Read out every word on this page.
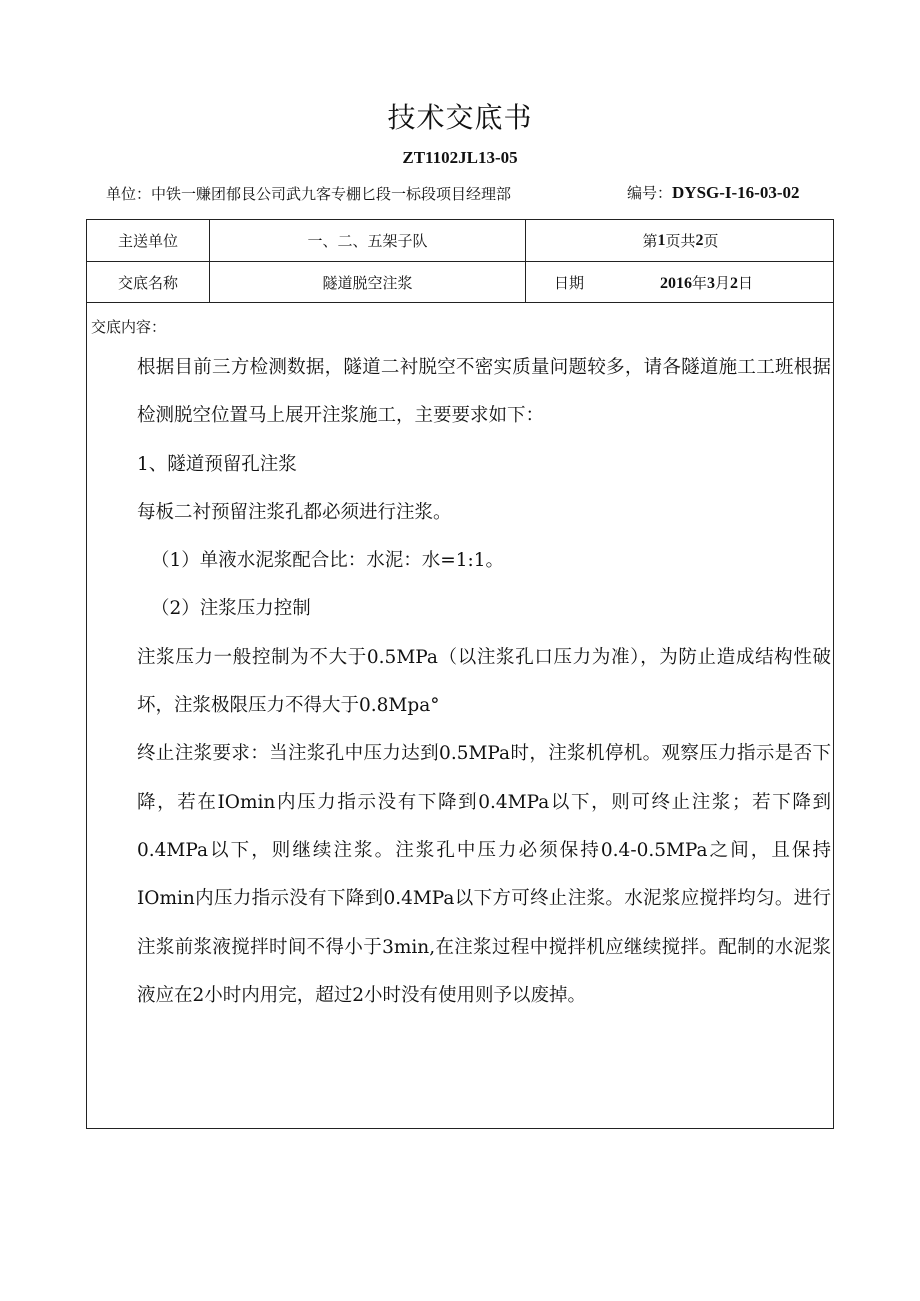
技术交底书
ZT1102JL13-05
单位：中铁一赚团郁艮公司武九客专棚匕段一标段项目经理部	编号：DYSG-I-16-03-02
主送单位	一、二、五架子队	第 1 页共 2 页
交底名称	隧道脱空注浆	日期	2016年3月2日
交底内容：

根据目前三方检测数据，隧道二衬脱空不密实质量问题较多，请各隧道施工工班根据检测脱空位置马上展开注浆施工，主要要求如下：

1、隧道预留孔注浆

每板二衬预留注浆孔都必须进行注浆。

（1）单液水泥浆配合比：水泥：水=1:1。

（2）注浆压力控制

注浆压力一般控制为不大于0.5MPa（以注浆孔口压力为准），为防止造成结构性破坏，注浆极限压力不得大于0.8Mpa°

终止注浆要求：当注浆孔中压力达到0.5MPa时，注浆机停机。观察压力指示是否下降，若在IOmin内压力指示没有下降到0.4MPa以下，则可终止注浆；若下降到0.4MPa以下，则继续注浆。注浆孔中压力必须保持0.4-0.5MPa之间，且保持IOmin内压力指示没有下降到0.4MPa以下方可终止注浆。水泥浆应搅拌均匀。进行注浆前浆液搅拌时间不得小于3min,在注浆过程中搅拌机应继续搅拌。配制的水泥浆液应在2小时内用完，超过2小时没有使用则予以废掉。
